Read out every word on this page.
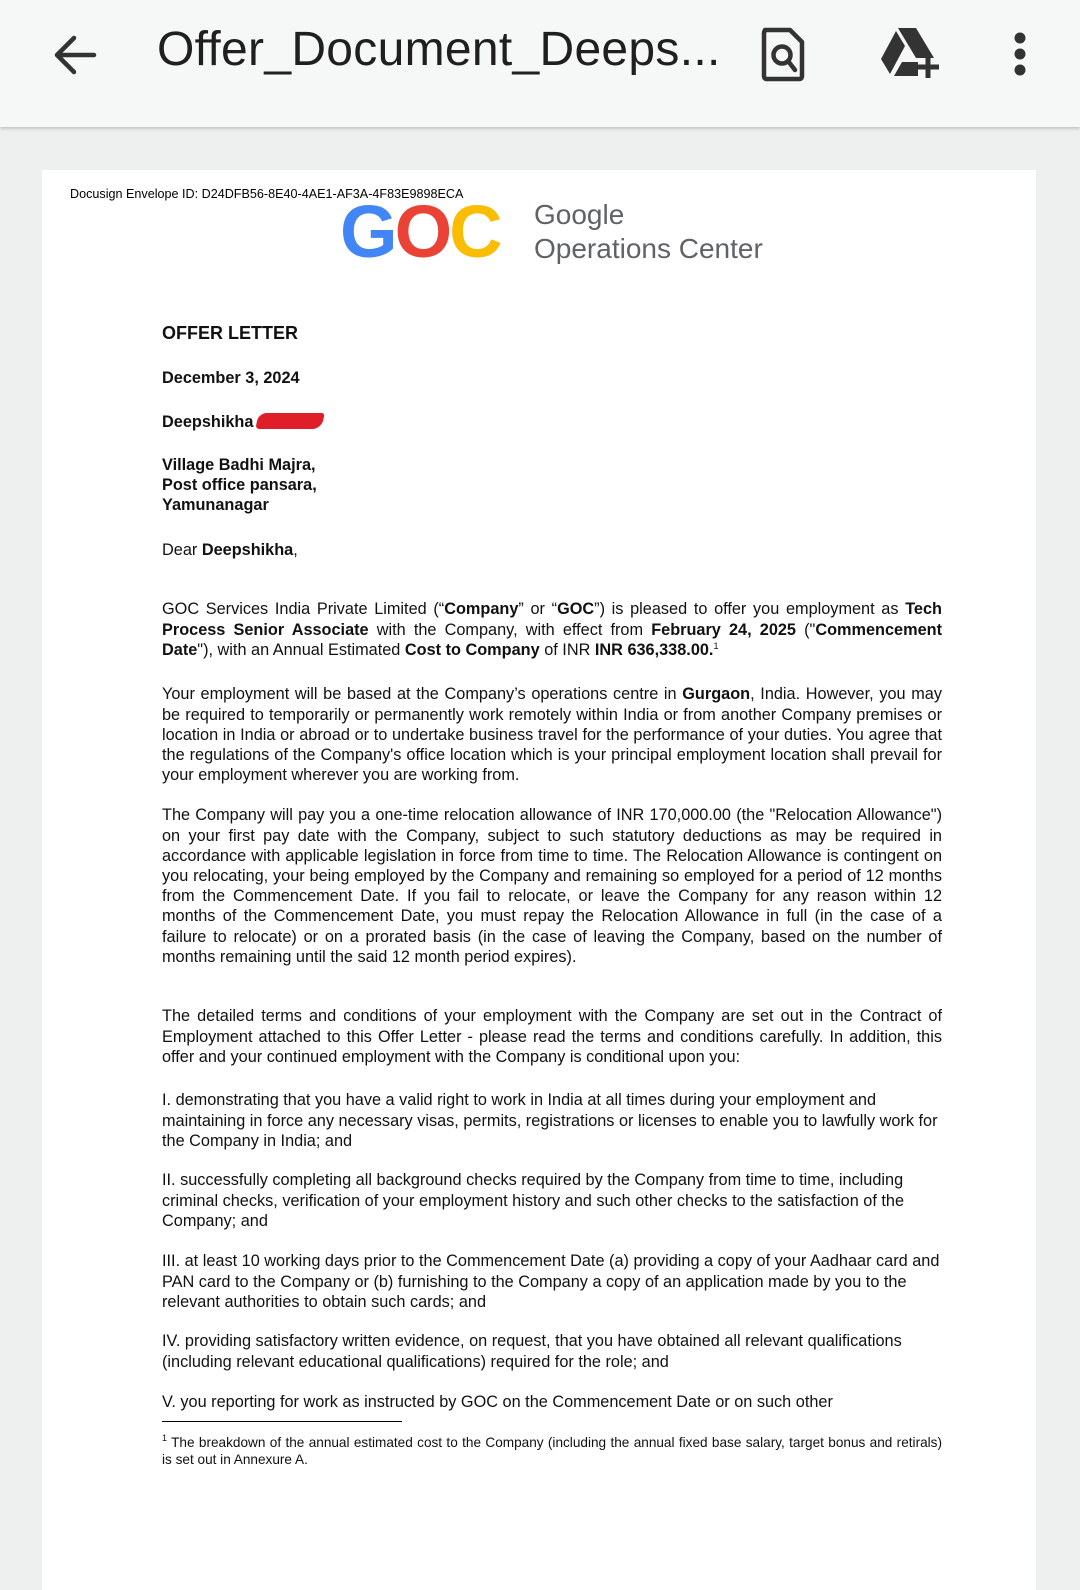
Offer_Document_Deeps...
Docusign Envelope ID: D24DFB56-8E40-4AE1-AF3A-4F83E9898ECA
GOC Google
Operations Center
OFFER LETTER
December 3, 2024
Deepshikha
Village Badhi Majra,
Post office pansara,
Yamunanagar
Dear Deepshikha,

GOC Services India Private Limited (“Company” or “GOC”) is pleased to offer you employment as Tech Process Senior Associate with the Company, with effect from February 24, 2025 ("Commencement Date"), with an Annual Estimated Cost to Company of INR INR 636,338.00.$^1$

Your employment will be based at the Company’s operations centre in Gurgaon, India. However, you may be required to temporarily or permanently work remotely within India or from another Company premises or location in India or abroad or to undertake business travel for the performance of your duties. You agree that the regulations of the Company's office location which is your principal employment location shall prevail for your employment wherever you are working from.

The Company will pay you a one-time relocation allowance of INR 170,000.00 (the "Relocation Allowance") on your first pay date with the Company, subject to such statutory deductions as may be required in accordance with applicable legislation in force from time to time. The Relocation Allowance is contingent on you relocating, your being employed by the Company and remaining so employed for a period of 12 months from the Commencement Date. If you fail to relocate, or leave the Company for any reason within 12 months of the Commencement Date, you must repay the Relocation Allowance in full (in the case of a failure to relocate) or on a prorated basis (in the case of leaving the Company, based on the number of months remaining until the said 12 month period expires).

The detailed terms and conditions of your employment with the Company are set out in the Contract of Employment attached to this Offer Letter - please read the terms and conditions carefully. In addition, this offer and your continued employment with the Company is conditional upon you:

I. demonstrating that you have a valid right to work in India at all times during your employment and maintaining in force any necessary visas, permits, registrations or licenses to enable you to lawfully work for the Company in India; and

II. successfully completing all background checks required by the Company from time to time, including criminal checks, verification of your employment history and such other checks to the satisfaction of the Company; and

III. at least 10 working days prior to the Commencement Date (a) providing a copy of your Aadhaar card and PAN card to the Company or (b) furnishing to the Company a copy of an application made by you to the relevant authorities to obtain such cards; and

IV. providing satisfactory written evidence, on request, that you have obtained all relevant qualifications (including relevant educational qualifications) required for the role; and

V. you reporting for work as instructed by GOC on the Commencement Date or on such other

$^1$ The breakdown of the annual estimated cost to the Company (including the annual fixed base salary, target bonus and retirals) is set out in Annexure A.
